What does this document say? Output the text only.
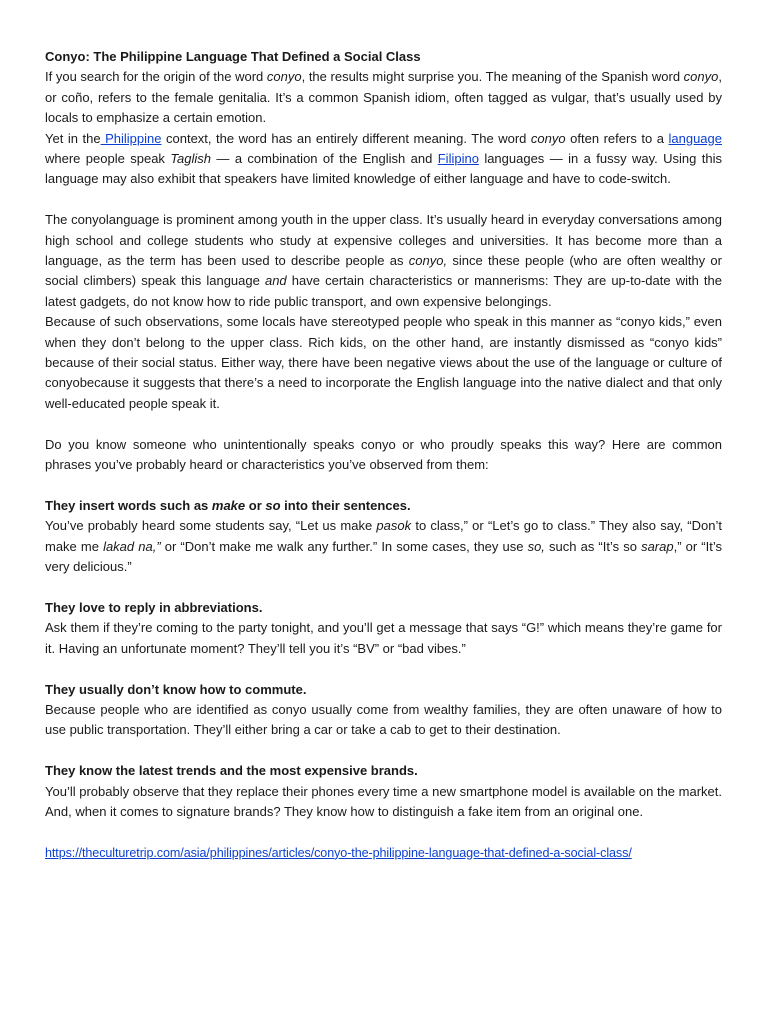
Conyo: The Philippine Language That Defined a Social Class

If you search for the origin of the word conyo, the results might surprise you. The meaning of the Spanish word conyo, or coño, refers to the female genitalia. It’s a common Spanish idiom, often tagged as vulgar, that’s usually used by locals to emphasize a certain emotion.

Yet in the Philippine context, the word has an entirely different meaning. The word conyo often refers to a language where people speak Taglish — a combination of the English and Filipino languages — in a fussy way. Using this language may also exhibit that speakers have limited knowledge of either language and have to code-switch.

The conyolanguage is prominent among youth in the upper class. It’s usually heard in everyday conversations among high school and college students who study at expensive colleges and universities. It has become more than a language, as the term has been used to describe people as conyo, since these people (who are often wealthy or social climbers) speak this language and have certain characteristics or mannerisms: They are up-to-date with the latest gadgets, do not know how to ride public transport, and own expensive belongings.

Because of such observations, some locals have stereotyped people who speak in this manner as “conyo kids,” even when they don’t belong to the upper class. Rich kids, on the other hand, are instantly dismissed as “conyo kids” because of their social status. Either way, there have been negative views about the use of the language or culture of conyobecause it suggests that there’s a need to incorporate the English language into the native dialect and that only well-educated people speak it.

Do you know someone who unintentionally speaks conyo or who proudly speaks this way? Here are common phrases you’ve probably heard or characteristics you’ve observed from them:

They insert words such as make or so into their sentences.

You’ve probably heard some students say, “Let us make pasok to class,” or “Let’s go to class.” They also say, “Don’t make me lakad na,” or “Don’t make me walk any further.” In some cases, they use so, such as “It’s so sarap,” or “It’s very delicious.”

They love to reply in abbreviations.

Ask them if they’re coming to the party tonight, and you’ll get a message that says “G!” which means they’re game for it. Having an unfortunate moment? They’ll tell you it’s “BV” or “bad vibes.”

They usually don’t know how to commute.

Because people who are identified as conyo usually come from wealthy families, they are often unaware of how to use public transportation. They’ll either bring a car or take a cab to get to their destination.

They know the latest trends and the most expensive brands.

You’ll probably observe that they replace their phones every time a new smartphone model is available on the market. And, when it comes to signature brands? They know how to distinguish a fake item from an original one.

https://theculturetrip.com/asia/philippines/articles/conyo-the-philippine-language-that-defined-a-social-class/
